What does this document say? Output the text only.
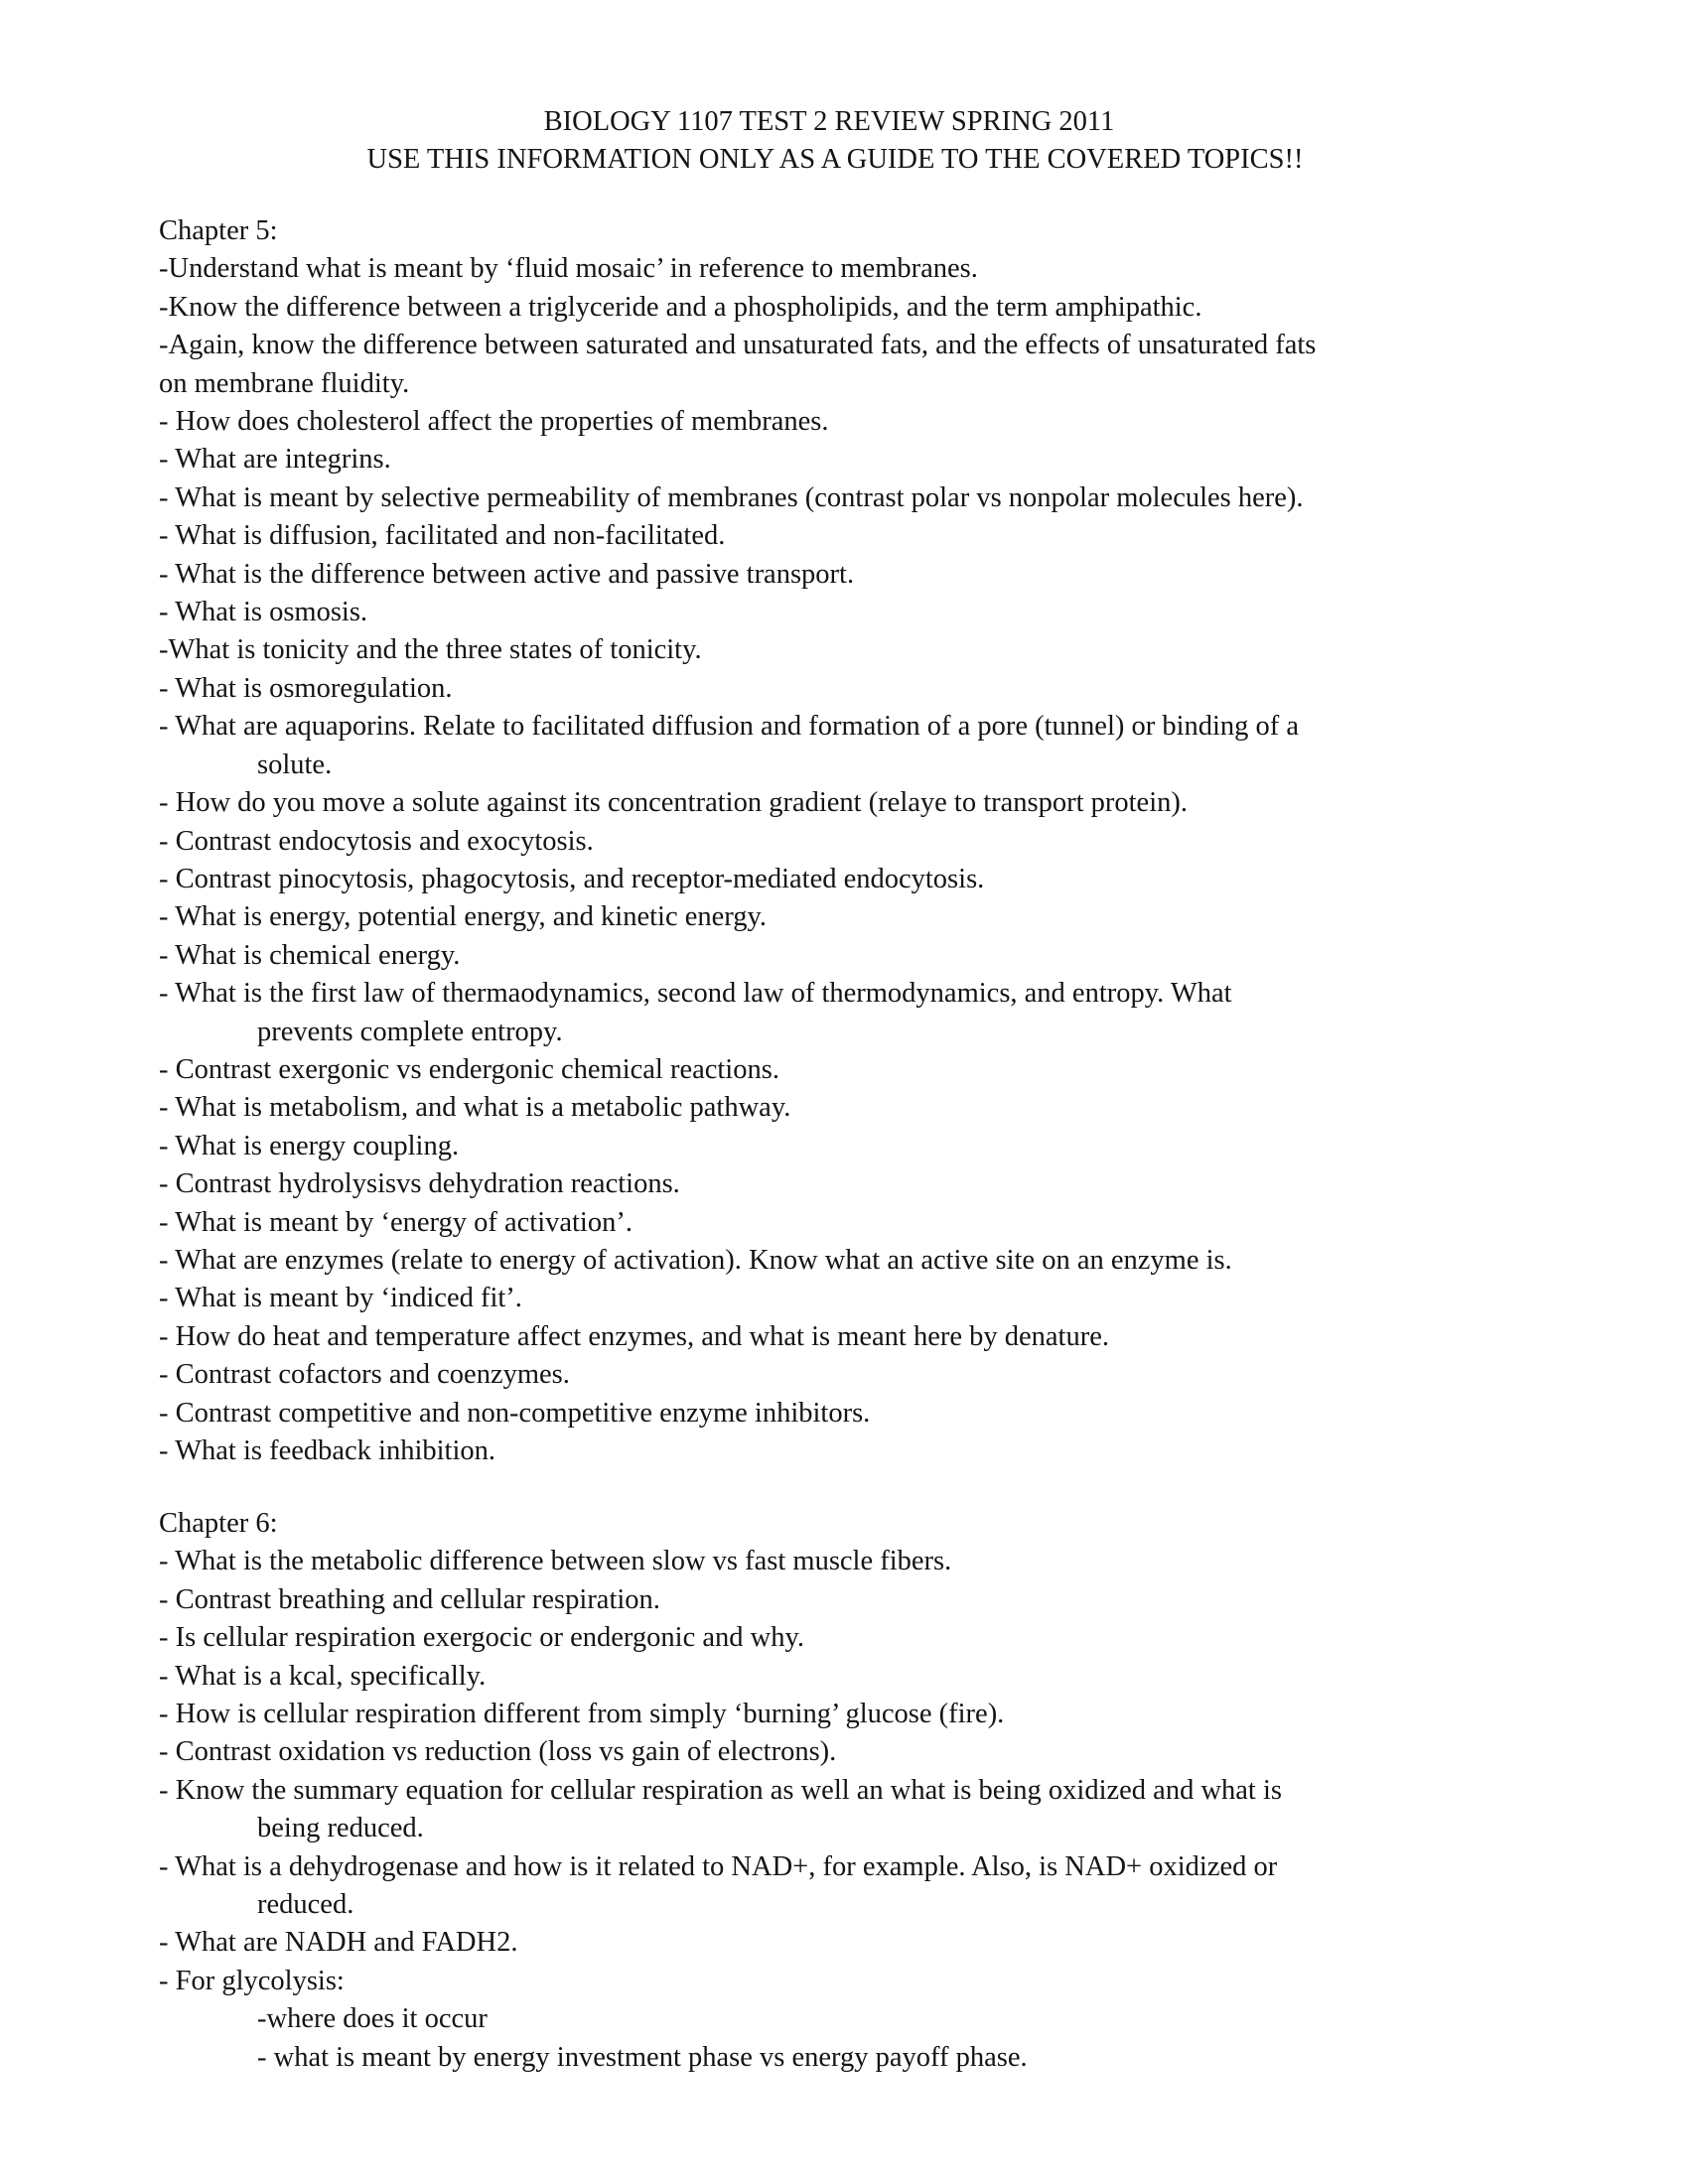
BIOLOGY 1107 TEST 2 REVIEW SPRING 2011
USE THIS INFORMATION ONLY AS A GUIDE TO THE COVERED TOPICS!!
Chapter 5:
-Understand what is meant by ‘fluid mosaic’ in reference to membranes.
-Know the difference between a triglyceride and a phospholipids, and the term amphipathic.
-Again, know the difference between saturated and unsaturated fats, and the effects of unsaturated fats
on membrane fluidity.
- How does cholesterol affect the properties of membranes.
- What are integrins.
- What is meant by selective permeability of membranes (contrast polar vs nonpolar molecules here).
- What is diffusion, facilitated and non-facilitated.
- What is the difference between active and passive transport.
- What is osmosis.
-What is tonicity and the three states of tonicity.
- What is osmoregulation.
- What are aquaporins. Relate to facilitated diffusion and formation of a pore (tunnel) or binding of a
solute.
- How do you move a solute against its concentration gradient (relaye to transport protein).
- Contrast endocytosis and exocytosis.
- Contrast pinocytosis, phagocytosis, and receptor-mediated endocytosis.
- What is energy, potential energy, and kinetic energy.
- What is chemical energy.
- What is the first law of thermaodynamics, second law of thermodynamics, and entropy. What
prevents complete entropy.
- Contrast exergonic vs endergonic chemical reactions.
- What is metabolism, and what is a metabolic pathway.
- What is energy coupling.
- Contrast hydrolysisvs dehydration reactions.
- What is meant by ‘energy of activation’.
- What are enzymes (relate to energy of activation). Know what an active site on an enzyme is.
- What is meant by ‘indiced fit’.
- How do heat and temperature affect enzymes, and what is meant here by denature.
- Contrast cofactors and coenzymes.
- Contrast competitive and non-competitive enzyme inhibitors.
- What is feedback inhibition.
Chapter 6:
- What is the metabolic difference between slow vs fast muscle fibers.
- Contrast breathing and cellular respiration.
- Is cellular respiration exergocic or endergonic and why.
- What is a kcal, specifically.
- How is cellular respiration different from simply ‘burning’ glucose (fire).
- Contrast oxidation vs reduction (loss vs gain of electrons).
- Know the summary equation for cellular respiration as well an what is being oxidized and what is
being reduced.
- What is a dehydrogenase and how is it related to NAD+, for example. Also, is NAD+ oxidized or
reduced.
- What are NADH and FADH2.
- For glycolysis:
-where does it occur
- what is meant by energy investment phase vs energy payoff phase.
